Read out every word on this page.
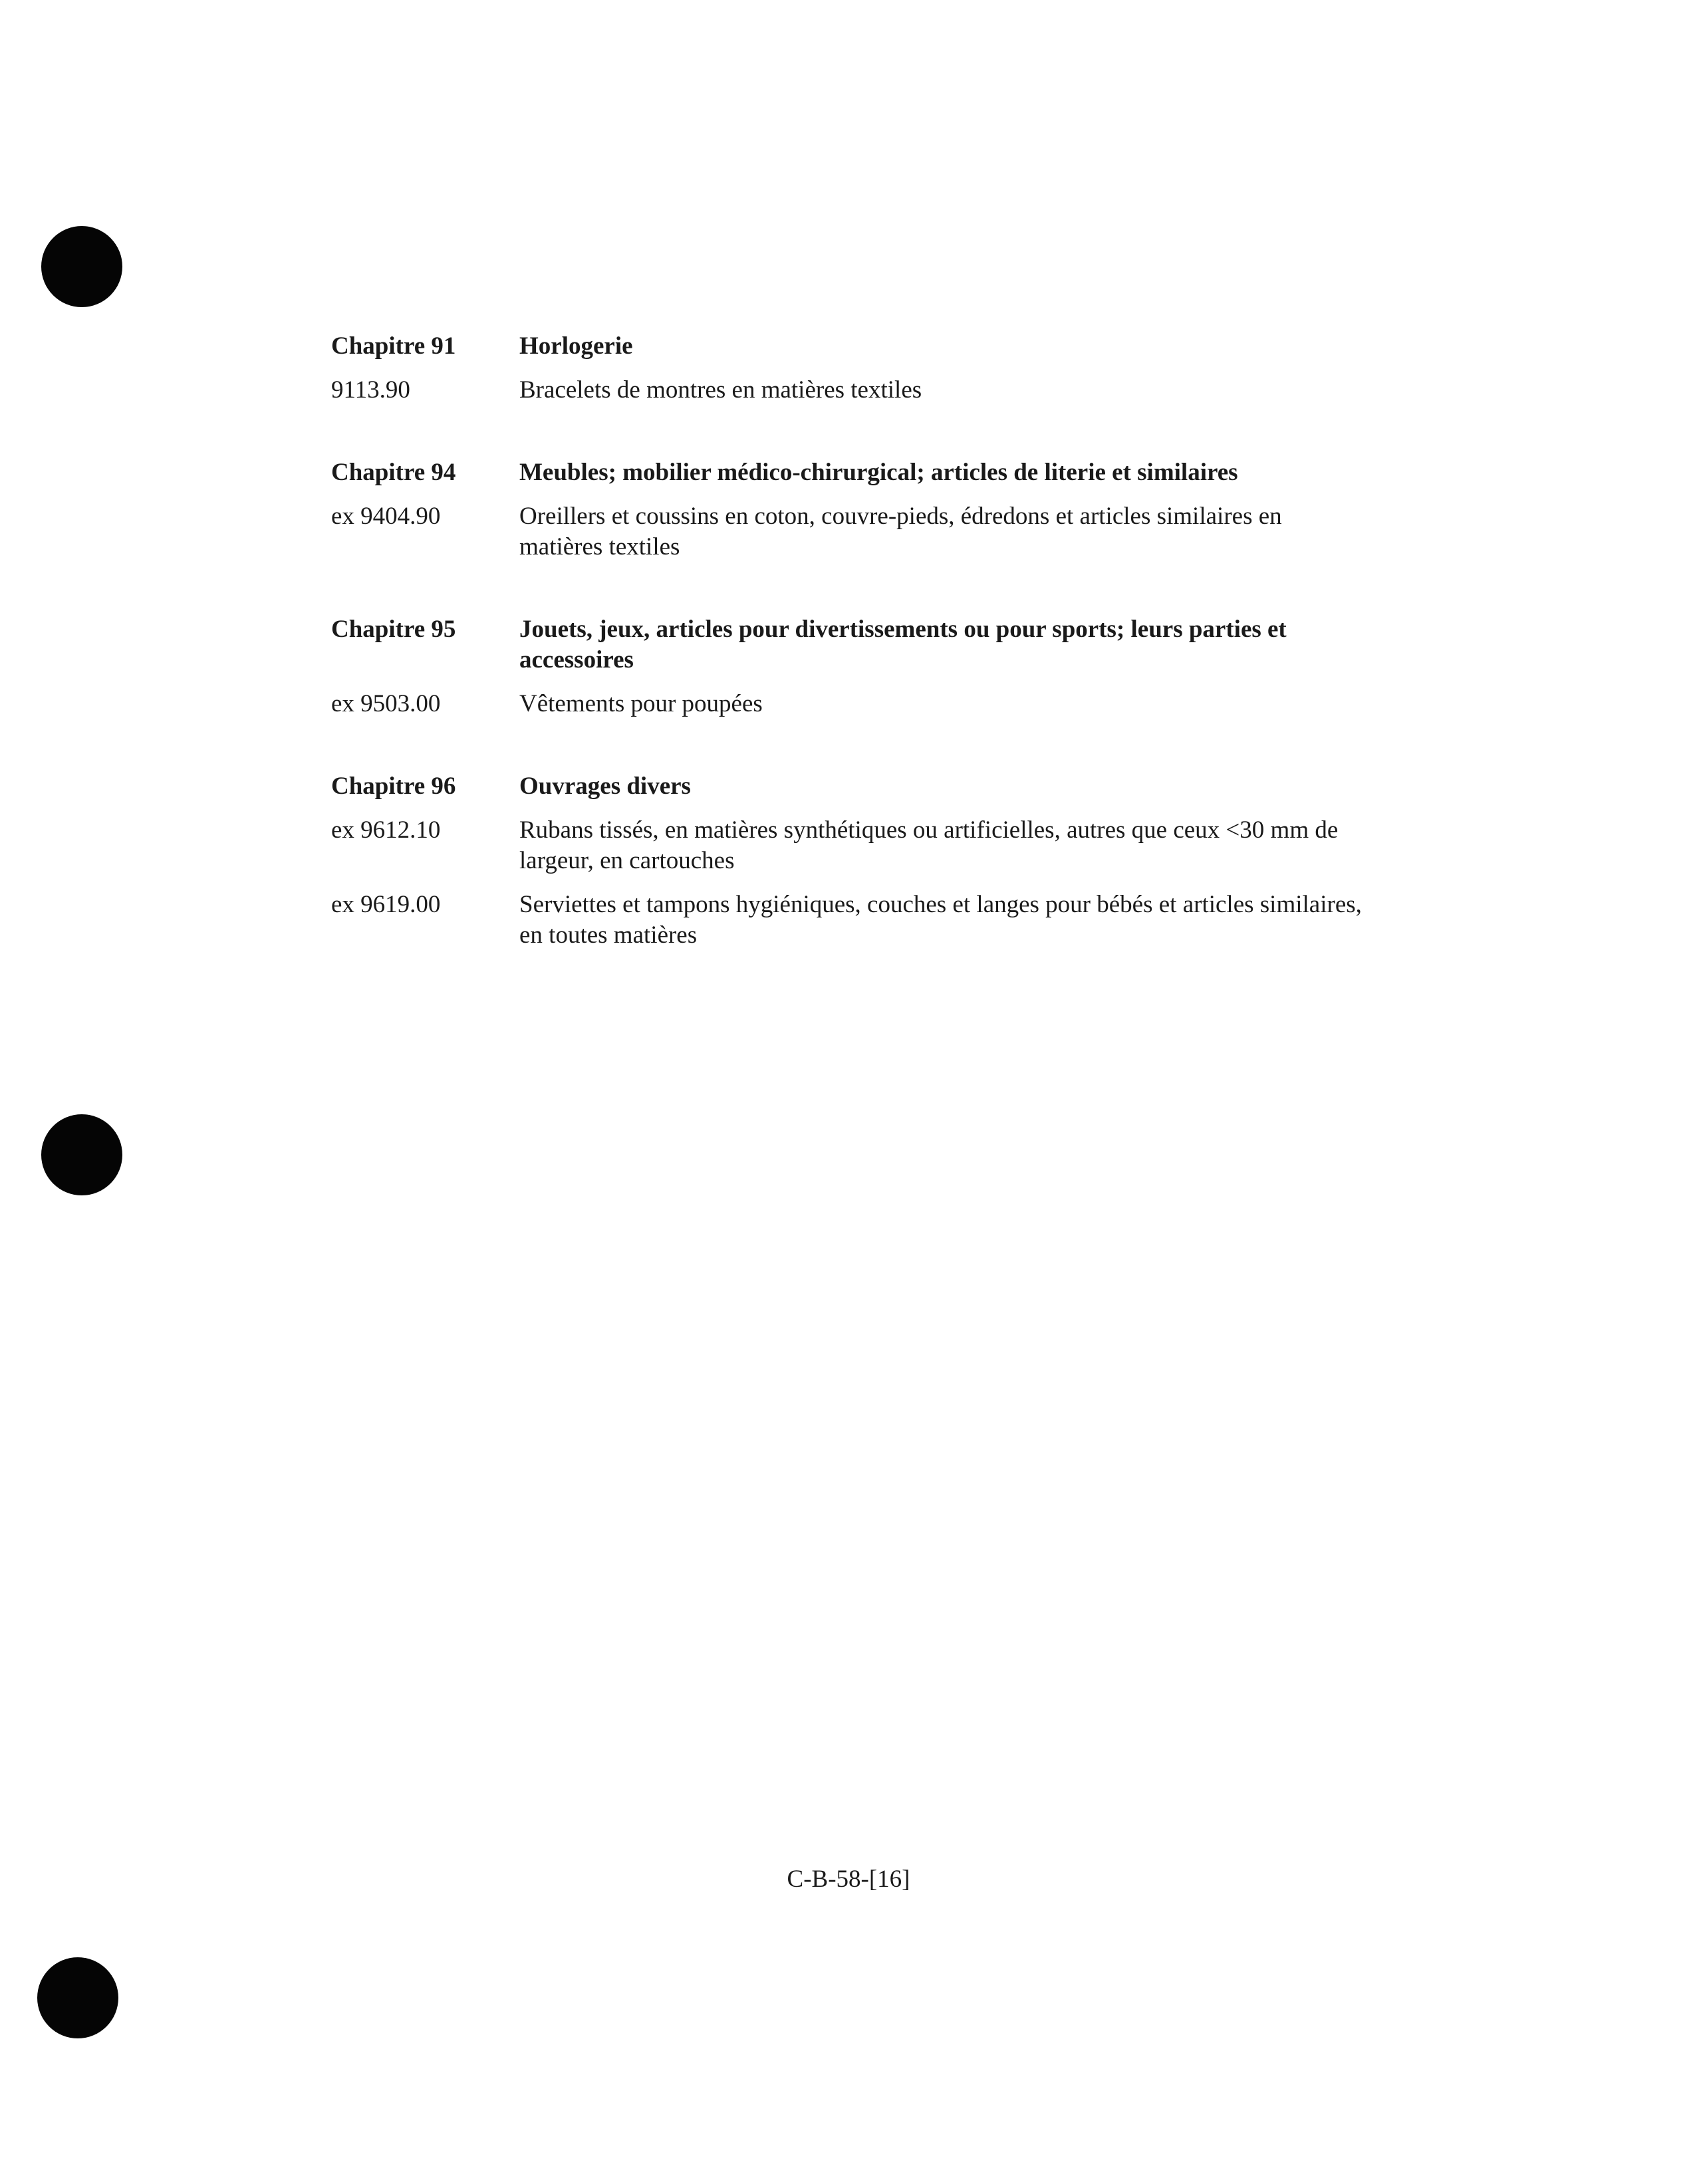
Chapitre 91	Horlogerie
9113.90	Bracelets de montres en matières textiles
Chapitre 94	Meubles; mobilier médico-chirurgical; articles de literie et similaires
ex 9404.90	Oreillers et coussins en coton, couvre-pieds, édredons et articles similaires en matières textiles
Chapitre 95	Jouets, jeux, articles pour divertissements ou pour sports; leurs parties et accessoires
ex 9503.00	Vêtements pour poupées
Chapitre 96	Ouvrages divers
ex 9612.10	Rubans tissés, en matières synthétiques ou artificielles, autres que ceux <30 mm de largeur, en cartouches
ex 9619.00	Serviettes et tampons hygiéniques, couches et langes pour bébés et articles similaires, en toutes matières
C-B-58-[16]
